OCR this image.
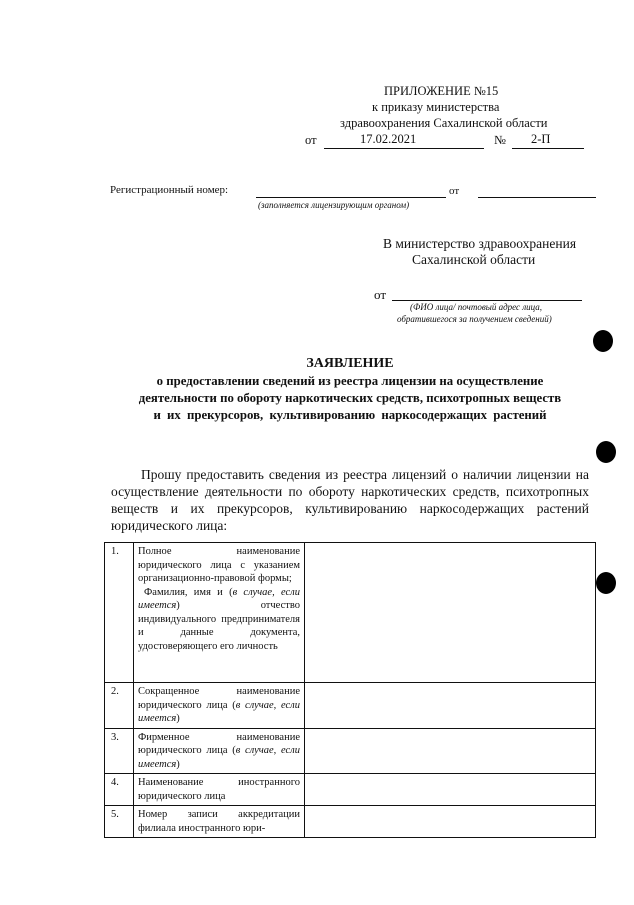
ПРИЛОЖЕНИЕ №15
к приказу министерства
здравоохранения Сахалинской области
от	17.02.2021	№ 2-П
Регистрационный номер:	от
(заполняется лицензирующим органом)
В министерство здравоохранения
Сахалинской области
от
(ФИО лица/ почтовый адрес лица,
обратившегося за получением сведений)
ЗАЯВЛЕНИЕ
о предоставлении сведений из реестра лицензии на осуществление
деятельности по обороту наркотических средств, психотропных веществ
и их прекурсоров, культивированию наркосодержащих растений
Прошу предоставить сведения из реестра лицензий о наличии лицензии на осуществление деятельности по обороту наркотических средств, психотропных веществ и их прекурсоров, культивированию наркосодержащих растений юридического лица:
1.	Полное наименование юридического лица с указанием организационно-правовой формы;

Фамилия, имя и (в случае, если имеется) отчество индивидуального предпринимателя и данные документа, удостоверяющего его личность	

2.	Сокращенное наименование юридического лица (в случае, если имеется)	
3.	Фирменное наименование юридического лица (в случае, если имеется)	
4.	Наименование иностранного юридического лица	
5.	Номер записи аккредитации филиала иностранного юри-	
